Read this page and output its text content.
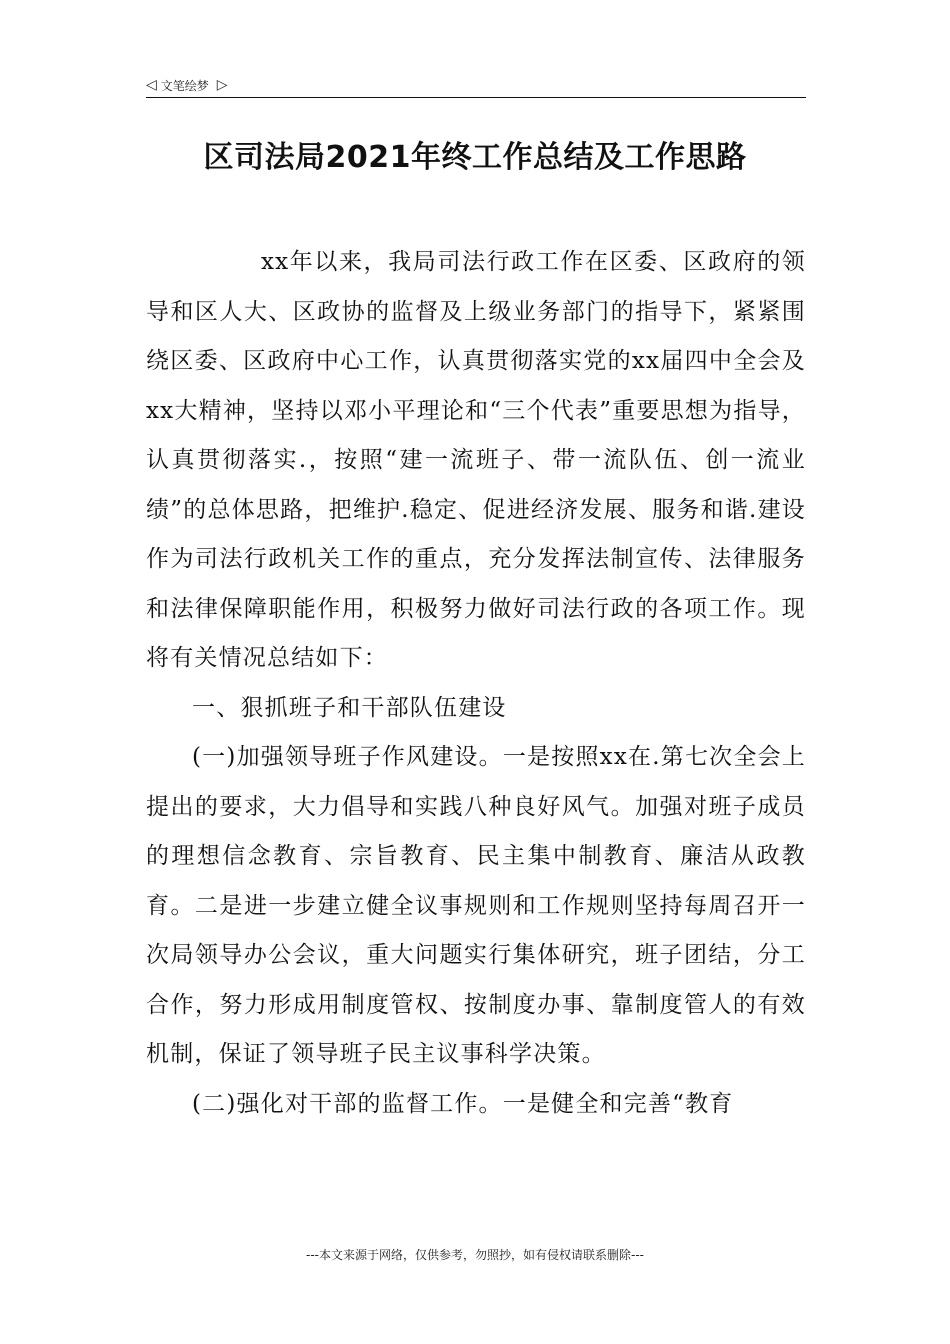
◁ 文笔绘梦 ▷
区司法局2021年终工作总结及工作思路

xx年以来，我局司法行政工作在区委、区政府的领导和区人大、区政协的监督及上级业务部门的指导下，紧紧围绕区委、区政府中心工作，认真贯彻落实党的xx届四中全会及xx大精神，坚持以邓小平理论和“三个代表”重要思想为指导，认真贯彻落实.，按照“建一流班子、带一流队伍、创一流业绩”的总体思路，把维护.稳定、促进经济发展、服务和谐.建设作为司法行政机关工作的重点，充分发挥法制宣传、法律服务和法律保障职能作用，积极努力做好司法行政的各项工作。现将有关情况总结如下：

一、狠抓班子和干部队伍建设

(一)加强领导班子作风建设。一是按照xx在.第七次全会上提出的要求，大力倡导和实践八种良好风气。加强对班子成员的理想信念教育、宗旨教育、民主集中制教育、廉洁从政教育。二是进一步建立健全议事规则和工作规则坚持每周召开一次局领导办公会议，重大问题实行集体研究，班子团结，分工合作，努力形成用制度管权、按制度办事、靠制度管人的有效机制，保证了领导班子民主议事科学决策。

(二)强化对干部的监督工作。一是健全和完善“教育

---本文来源于网络，仅供参考，勿照抄，如有侵权请联系删除---
